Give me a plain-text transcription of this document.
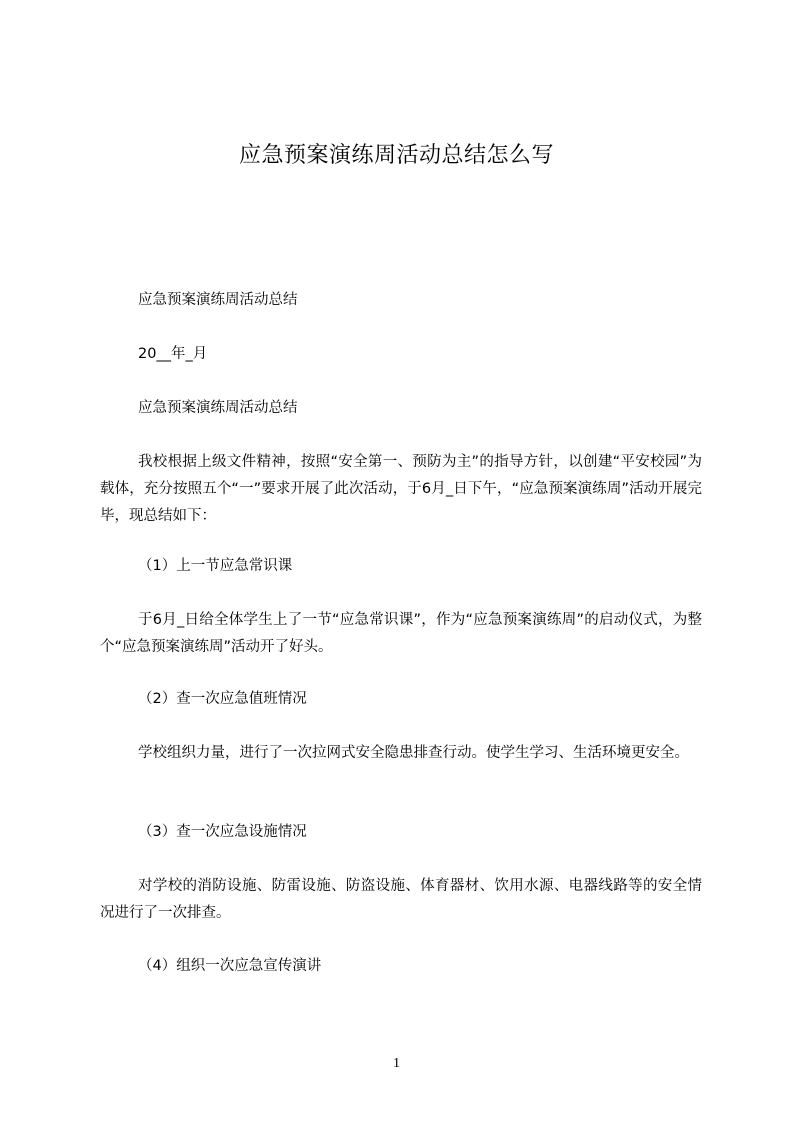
应急预案演练周活动总结怎么写
应急预案演练周活动总结
20__年_月
应急预案演练周活动总结
我校根据上级文件精神，按照“安全第一、预防为主”的指导方针，以创建“平安校园”为载体，充分按照五个“一”要求开展了此次活动，于6月_日下午，“应急预案演练周”活动开展完毕，现总结如下：
（1）上一节应急常识课
于6月_日给全体学生上了一节“应急常识课”，作为“应急预案演练周”的启动仪式，为整个“应急预案演练周”活动开了好头。
（2）查一次应急值班情况
学校组织力量，进行了一次拉网式安全隐患排查行动。使学生学习、生活环境更安全。
（3）查一次应急设施情况
对学校的消防设施、防雷设施、防盗设施、体育器材、饮用水源、电器线路等的安全情况进行了一次排查。
（4）组织一次应急宣传演讲
1
